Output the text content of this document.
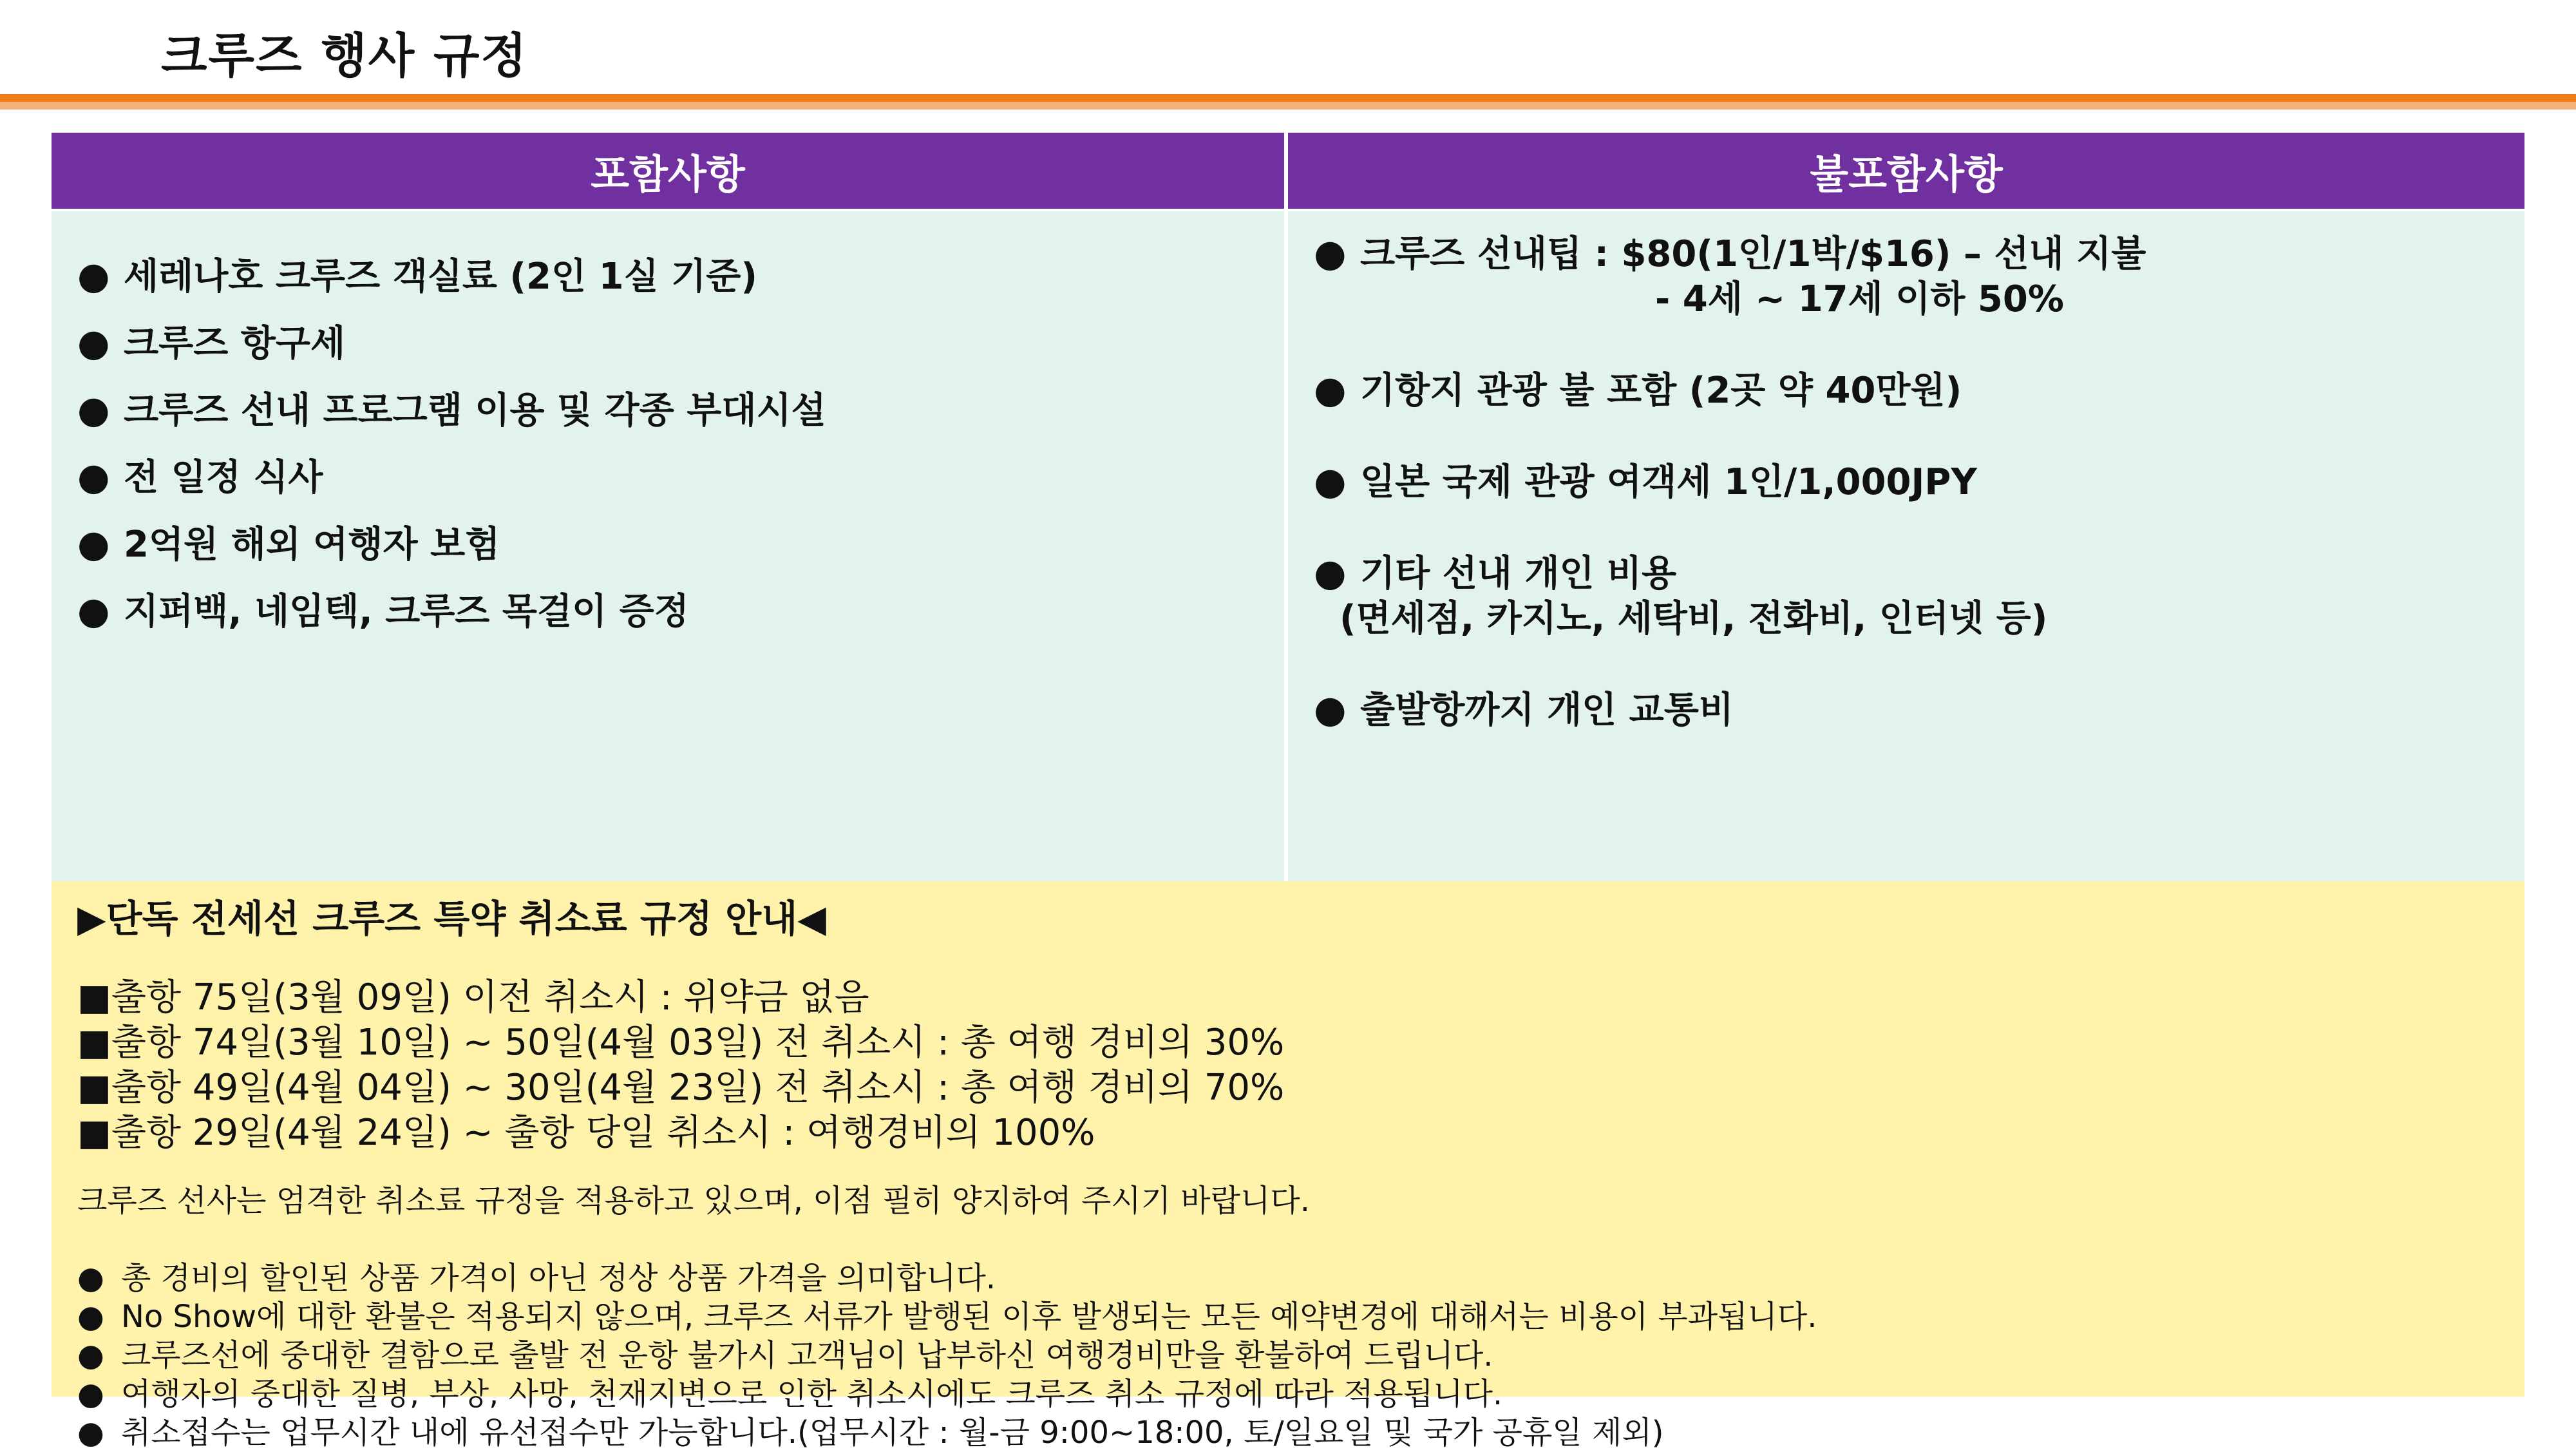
크루즈 행사 규정
포함사항	불포함사항
● 세레나호 크루즈 객실료 (2인 1실 기준)
● 크루즈 항구세
● 크루즈 선내 프로그램 이용 및 각종 부대시설
● 전 일정 식사
● 2억원 해외 여행자 보험
● 지퍼백, 네임텍, 크루즈 목걸이 증정
● 크루즈 선내팁 : $80(1인/1박/$16) – 선내 지불
- 4세 ~ 17세 이하 50%
● 기항지 관광 불 포함 (2곳 약 40만원)
● 일본 국제 관광 여객세 1인/1,000JPY
● 기타 선내 개인 비용
(면세점, 카지노, 세탁비, 전화비, 인터넷 등)
● 출발항까지 개인 교통비
▶단독 전세선 크루즈 특약 취소료 규정 안내◀
■출항 75일(3월 09일) 이전 취소시 : 위약금 없음
■출항 74일(3월 10일) ~ 50일(4월 03일) 전 취소시 : 총 여행 경비의 30%
■출항 49일(4월 04일) ~ 30일(4월 23일) 전 취소시 : 총 여행 경비의 70%
■출항 29일(4월 24일) ~ 출항 당일 취소시 : 여행경비의 100%
크루즈 선사는 엄격한 취소료 규정을 적용하고 있으며, 이점 필히 양지하여 주시기 바랍니다.
● 총 경비의 할인된 상품 가격이 아닌 정상 상품 가격을 의미합니다.
● No Show에 대한 환불은 적용되지 않으며, 크루즈 서류가 발행된 이후 발생되는 모든 예약변경에 대해서는 비용이 부과됩니다.
● 크루즈선에 중대한 결함으로 출발 전 운항 불가시 고객님이 납부하신 여행경비만을 환불하여 드립니다.
● 여행자의 중대한 질병, 부상, 사망, 천재지변으로 인한 취소시에도 크루즈 취소 규정에 따라 적용됩니다.
● 취소접수는 업무시간 내에 유선접수만 가능합니다.(업무시간 : 월-금 9:00~18:00, 토/일요일 및 국가 공휴일 제외)
